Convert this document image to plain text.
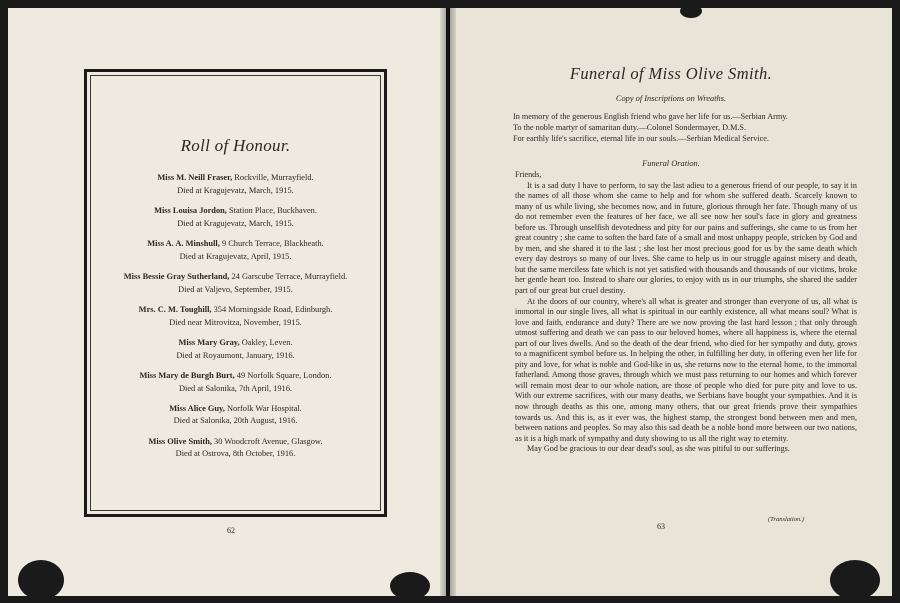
Roll of Honour.
Miss M. Neill Fraser, Rockville, Murrayfield.
Died at Kragujevatz, March, 1915.
Miss Louisa Jordon, Station Place, Buckhaven.
Died at Kragujevatz, March, 1915.
Miss A. A. Minshull, 9 Church Terrace, Blackheath.
Died at Kragujevatz, April, 1915.
Miss Bessie Gray Sutherland, 24 Garscube Terrace, Murrayfield.
Died at Valjevo, September, 1915.
Mrs. C. M. Toughill, 354 Morningside Road, Edinburgh.
Died near Mitrovitza, November, 1915.
Miss Mary Gray, Oakley, Leven.
Died at Royaumont, January, 1916.
Miss Mary de Burgh Burt, 49 Norfolk Square, London.
Died at Salonika, 7th April, 1916.
Miss Alice Guy, Norfolk War Hospital.
Died at Salonika, 20th August, 1916.
Miss Olive Smith, 30 Woodcroft Avenue, Glasgow.
Died at Ostrova, 8th October, 1916.
62
Funeral of Miss Olive Smith.
Copy of Inscriptions on Wreaths.
In memory of the generous English friend who gave her life for us.—Serbian Army.
To the noble martyr of samaritan duty.—Colonel Sondermayer, D.M.S.
For earthly life's sacrifice, eternal life in our souls.—Serbian Medical Service.
Funeral Oration.

Friends,

It is a sad duty I have to perform, to say the last adieu to a generous friend of our people, to say it in the names of all those whom she came to help and for whom she suffered death. Scarcely known to many of us while living, she becomes now, and in future, glorious through her fate. Though many of us do not remember even the features of her face, we all see now her soul's face in glory and greatness before us. Through unselfish devotedness and pity for our pains and sufferings, she came to us from her great country ; she came to soften the hard fate of a small and most unhappy people, stricken by God and by men, and she shared it to the last ; she lost her most precious good for us by the same death which every day destroys so many of our lives. She came to help us in our struggle against misery and death, but the same merciless fate which is not yet satisfied with thousands and thousands of our victims, broke her gentle heart too. Instead to share our glories, to enjoy with us in our triumphs, she shared the sadder part of our great but cruel destiny.

At the doors of our country, where's all what is greater and stronger than everyone of us, all what is immortal in our single lives, all what is spiritual in our earthly existence, all what means soul? What is love and faith, endurance and duty? There are we now proving the last hard lesson ; that only through utmost suffering and death we can pass to our beloved homes, where all happiness is, where the eternal part of our lives dwells. And so the death of the dear friend, who died for her sympathy and duty, grows to a magnificent symbol before us. In helping the other, in fulfilling her duty, in offering even her life for pity and love, for what is noble and God-like in us, she returns now to the eternal home, to the immortal fatherland. Among those graves, through which we must pass returning to our homes and which forever will remain most dear to our whole nation, are those of people who died for pure pity and love to us. With our extreme sacrifices, with our many deaths, we Serbians have bought your sympathies. And it is now through deaths as this one, among many others, that our great friends prove their sympathies towards us. And this is, as it ever was, the highest stamp, the strongest bond between men and men, between nations and peoples. So may also this sad death be a noble bond more between our two nations, as it is a high mark of sympathy and duty showing to us all the right way to eternity.

May God be gracious to our dear dead's soul, as she was pitiful to our sufferings.

(Translation.)
63
